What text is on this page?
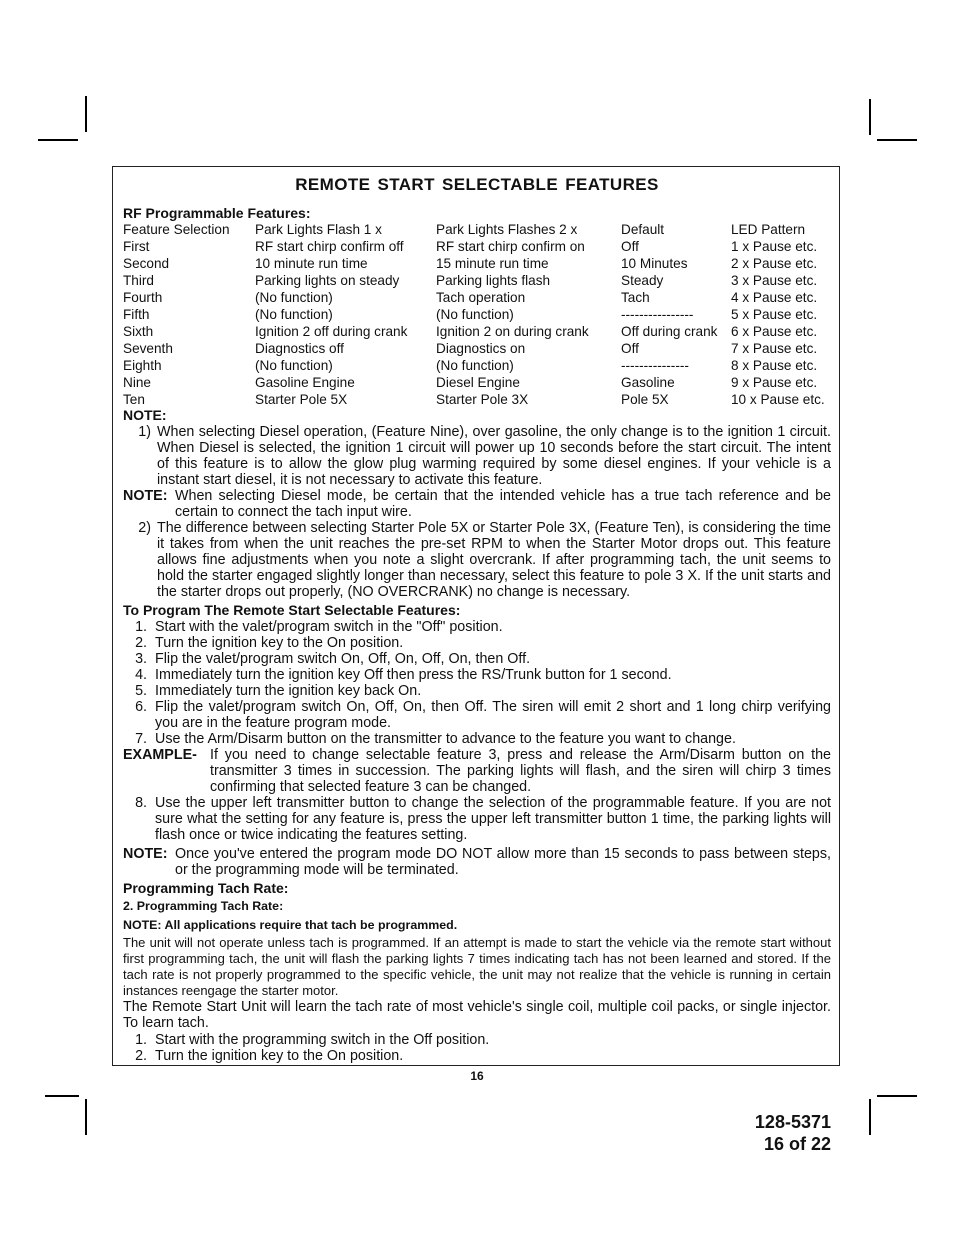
REMOTE START SELECTABLE FEATURES
RF Programmable Features:
Feature Selection	Park Lights Flash 1 x	Park Lights Flashes 2 x	Default	LED Pattern
First	RF start chirp confirm off	RF start chirp confirm on	Off	1 x Pause etc.
Second	10 minute run time	15 minute run time	10 Minutes	2 x Pause etc.
Third	Parking lights on steady	Parking lights flash	Steady	3 x Pause etc.
Fourth	(No function)	Tach operation	Tach	4 x Pause etc.
Fifth	(No function)	(No function)	----------------	5 x Pause etc.
Sixth	Ignition 2 off during crank	Ignition 2 on during crank	Off during crank	6 x Pause etc.
Seventh	Diagnostics off	Diagnostics on	Off	7 x Pause etc.
Eighth	(No function)	(No function)	---------------	8 x Pause etc.
Nine	Gasoline Engine	Diesel Engine	Gasoline	9 x Pause etc.
Ten	Starter Pole 5X	Starter Pole 3X	Pole 5X	10 x Pause etc.
NOTE:
1) When selecting Diesel operation, (Feature Nine), over gasoline, the only change is to the ignition 1 circuit. When Diesel is selected, the ignition 1 circuit will power up 10 seconds before the start circuit. The intent of this feature is to allow the glow plug warming required by some diesel engines. If your vehicle is a instant start diesel, it is not necessary to activate this feature.
NOTE: When selecting Diesel mode, be certain that the intended vehicle has a true tach reference and be certain to connect the tach input wire.
2) The difference between selecting Starter Pole 5X or Starter Pole 3X, (Feature Ten), is considering the time it takes from when the unit reaches the pre-set RPM to when the Starter Motor drops out. This feature allows fine adjustments when you note a slight overcrank. If after programming tach, the unit seems to hold the starter engaged slightly longer than necessary, select this feature to pole 3 X. If the unit starts and the starter drops out properly, (NO OVERCRANK) no change is necessary.
To Program The Remote Start Selectable Features:
1. Start with the valet/program switch in the "Off" position.
2. Turn the ignition key to the On position.
3. Flip the valet/program switch On, Off, On, Off, On, then Off.
4. Immediately turn the ignition key Off then press the RS/Trunk button for 1 second.
5. Immediately turn the ignition key back On.
6. Flip the valet/program switch On, Off, On, then Off. The siren will emit 2 short and 1 long chirp verifying you are in the feature program mode.
7. Use the Arm/Disarm button on the transmitter to advance to the feature you want to change.
EXAMPLE- If you need to change selectable feature 3, press and release the Arm/Disarm button on the transmitter 3 times in succession. The parking lights will flash, and the siren will chirp 3 times confirming that selected feature 3 can be changed.
8. Use the upper left transmitter button to change the selection of the programmable feature. If you are not sure what the setting for any feature is, press the upper left transmitter button 1 time, the parking lights will flash once or twice indicating the features setting.
NOTE: Once you've entered the program mode DO NOT allow more than 15 seconds to pass between steps, or the programming mode will be terminated.
Programming Tach Rate:
2. Programming Tach Rate:
NOTE: All applications require that tach be programmed.
The unit will not operate unless tach is programmed. If an attempt is made to start the vehicle via the remote start without first programming tach, the unit will flash the parking lights 7 times indicating tach has not been learned and stored. If the tach rate is not properly programmed to the specific vehicle, the unit may not realize that the vehicle is running in certain instances reengage the starter motor.
The Remote Start Unit will learn the tach rate of most vehicle's single coil, multiple coil packs, or single injector. To learn tach.
1. Start with the programming switch in the Off position.
2. Turn the ignition key to the On position.
16
128-5371
16 of 22
